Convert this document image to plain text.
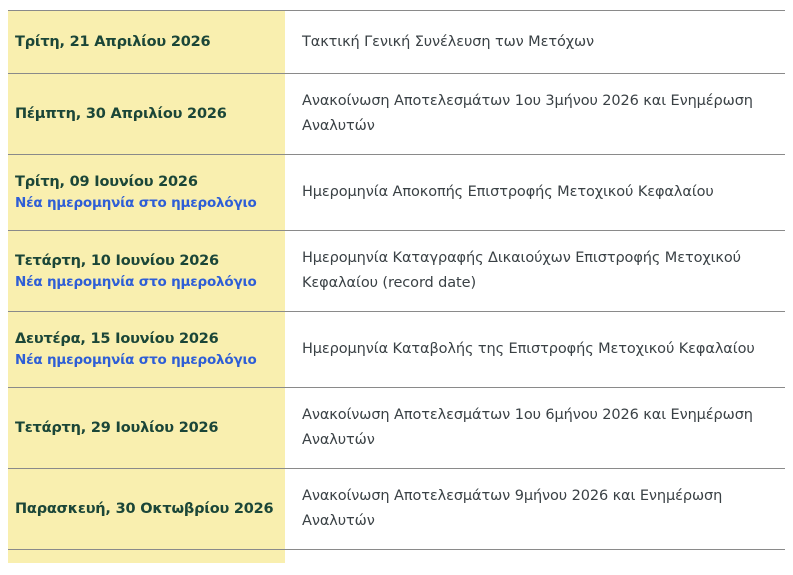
Τρίτη, 21 Απριλίου 2026	Τακτική Γενική Συνέλευση των Μετόχων
Πέμπτη, 30 Απριλίου 2026
Ανακοίνωση Αποτελεσμάτων 1ου 3μήνου 2026 και Ενημέρωση Αναλυτών
Τρίτη, 09 Ιουνίου 2026
Νέα ημερομηνία στο ημερολόγιο
Ημερομηνία Αποκοπής Επιστροφής Μετοχικού Κεφαλαίου
Τετάρτη, 10 Ιουνίου 2026
Νέα ημερομηνία στο ημερολόγιο
Ημερομηνία Καταγραφής Δικαιούχων Επιστροφής Μετοχικού Κεφαλαίου (record date)
Δευτέρα, 15 Ιουνίου 2026
Νέα ημερομηνία στο ημερολόγιο
Ημερομηνία Καταβολής της Επιστροφής Μετοχικού Κεφαλαίου
Τετάρτη, 29 Ιουλίου 2026
Ανακοίνωση Αποτελεσμάτων 1ου 6μήνου 2026 και Ενημέρωση Αναλυτών
Παρασκευή, 30 Οκτωβρίου 2026
Ανακοίνωση Αποτελεσμάτων 9μήνου 2026 και Ενημέρωση Αναλυτών
